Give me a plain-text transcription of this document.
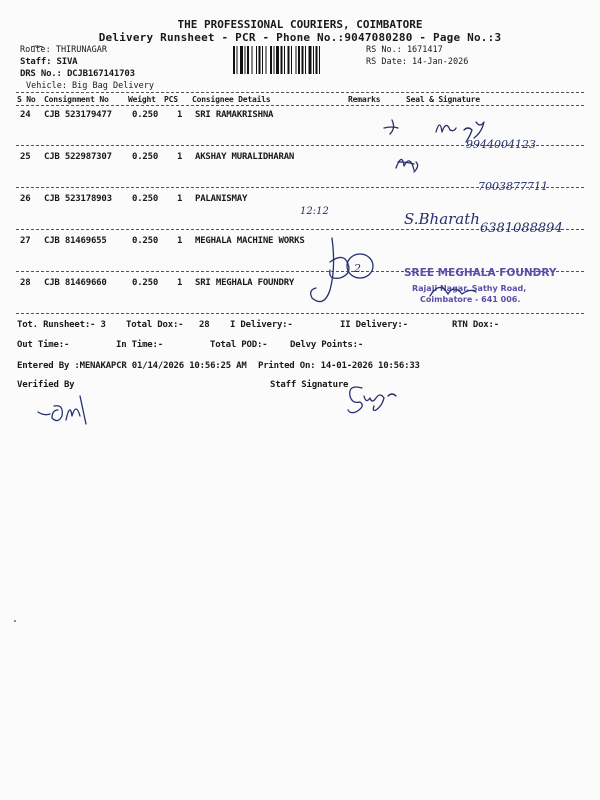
THE PROFESSIONAL COURIERS, COIMBATORE
Delivery Runsheet - PCR - Phone No.:9047080280 - Page No.:3
Route: THIRUNAGAR
Staff: SIVA
DRS No.: DCJB167141703
Vehicle: Big Bag Delivery
RS No.: 1671417
RS Date: 14-Jan-2026
S No Consignment No Weight PCS Consignee Details	Remarks	Seal & Signature
24 CJB 523179477 0.250 1 SRI RAMAKRISHNA
25 CJB 522987307 0.250 1 AKSHAY MURALIDHARAN
26 CJB 523178903 0.250 1 PALANISMAY
27 CJB 81469655	0.250 1 MEGHALA MACHINE WORKS
28 CJB 81469660	0.250 1 SRI MEGHALA FOUNDRY
Tot. Runsheet:- 3 Total Dox:-   28 I Delivery:-	II Delivery:-	RTN Dox:-
Out Time:-	In Time:-	Total POD:-	Delvy Points:-
Entered By :MENAKAPCR 01/14/2026 10:56:25 AM Printed On: 14-01-2026 10:56:33
Verified By	Staff Signature
9944004123
7003877711
12:12	S.Bharath
6381088894
2	SREE MEGHALA FOUNDRY
Rajaji Nagar, Sathy Road,
Coimbatore - 641 006.
